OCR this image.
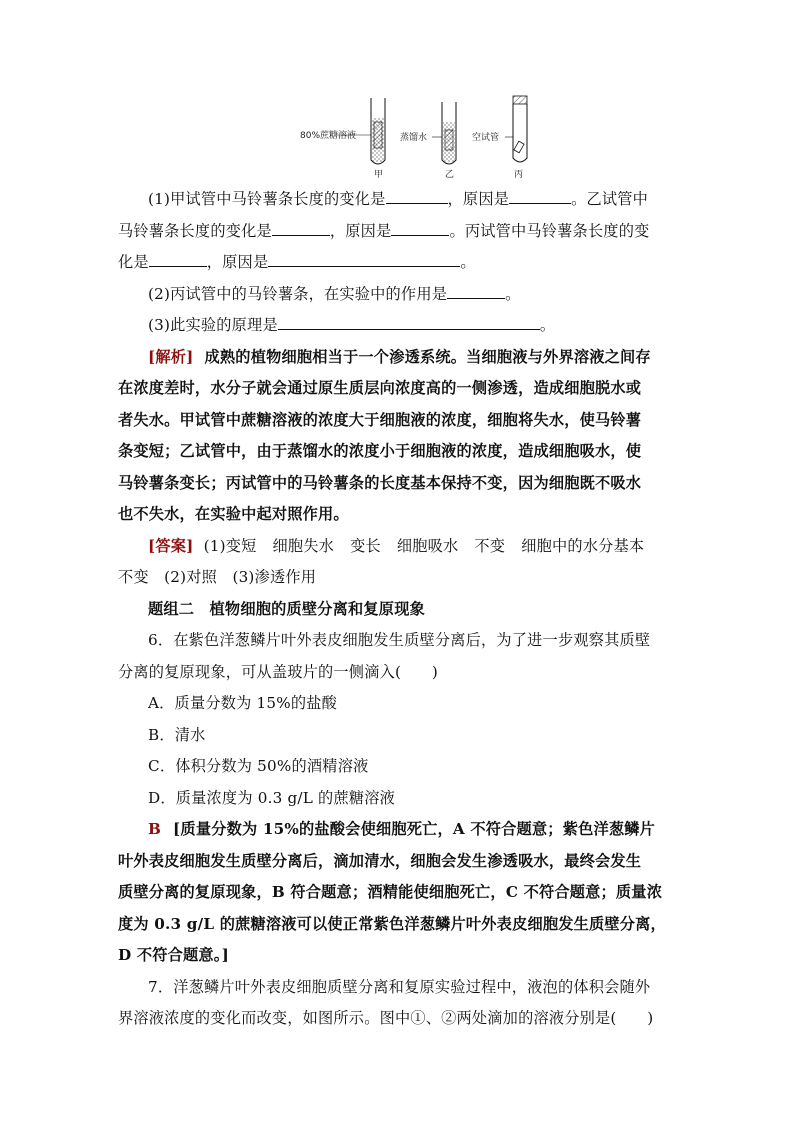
80%蔗糖溶液
甲
蒸馏水
乙
空试管
丙
(1)甲试管中马铃薯条长度的变化是	，原因是	。乙试管中
马铃薯条长度的变化是	，原因是	。丙试管中马铃薯条长度的变
化是	，原因是	。
(2)丙试管中的马铃薯条，在实验中的作用是	。
(3)此实验的原理是	。
[解析] 成熟的植物细胞相当于一个渗透系统。当细胞液与外界溶液之间存
在浓度差时，水分子就会通过原生质层向浓度高的一侧渗透，造成细胞脱水或
者失水。甲试管中蔗糖溶液的浓度大于细胞液的浓度，细胞将失水，使马铃薯
条变短；乙试管中，由于蒸馏水的浓度小于细胞液的浓度，造成细胞吸水，使
马铃薯条变长；丙试管中的马铃薯条的长度基本保持不变，因为细胞既不吸水
也不失水，在实验中起对照作用。
[答案] (1)变短 细胞失水 变长 细胞吸水 不变 细胞中的水分基本
不变　(2)对照　(3)渗透作用
题组二　植物细胞的质壁分离和复原现象
6．在紫色洋葱鳞片叶外表皮细胞发生质壁分离后，为了进一步观察其质壁
分离的复原现象，可从盖玻片的一侧滴入(　　)
A．质量分数为 15%的盐酸
B．清水
C．体积分数为 50%的酒精溶液
D．质量浓度为 0.3 g/L 的蔗糖溶液
B [质量分数为 15%的盐酸会使细胞死亡，A 不符合题意；紫色洋葱鳞片
叶外表皮细胞发生质壁分离后，滴加清水，细胞会发生渗透吸水，最终会发生
质壁分离的复原现象，B 符合题意；酒精能使细胞死亡，C 不符合题意；质量浓
度为 0.3 g/L 的蔗糖溶液可以使正常紫色洋葱鳞片叶外表皮细胞发生质壁分离，
D 不符合题意。]
7．洋葱鳞片叶外表皮细胞质壁分离和复原实验过程中，液泡的体积会随外
界溶液浓度的变化而改变，如图所示。图中①、②两处滴加的溶液分别是(　　)
